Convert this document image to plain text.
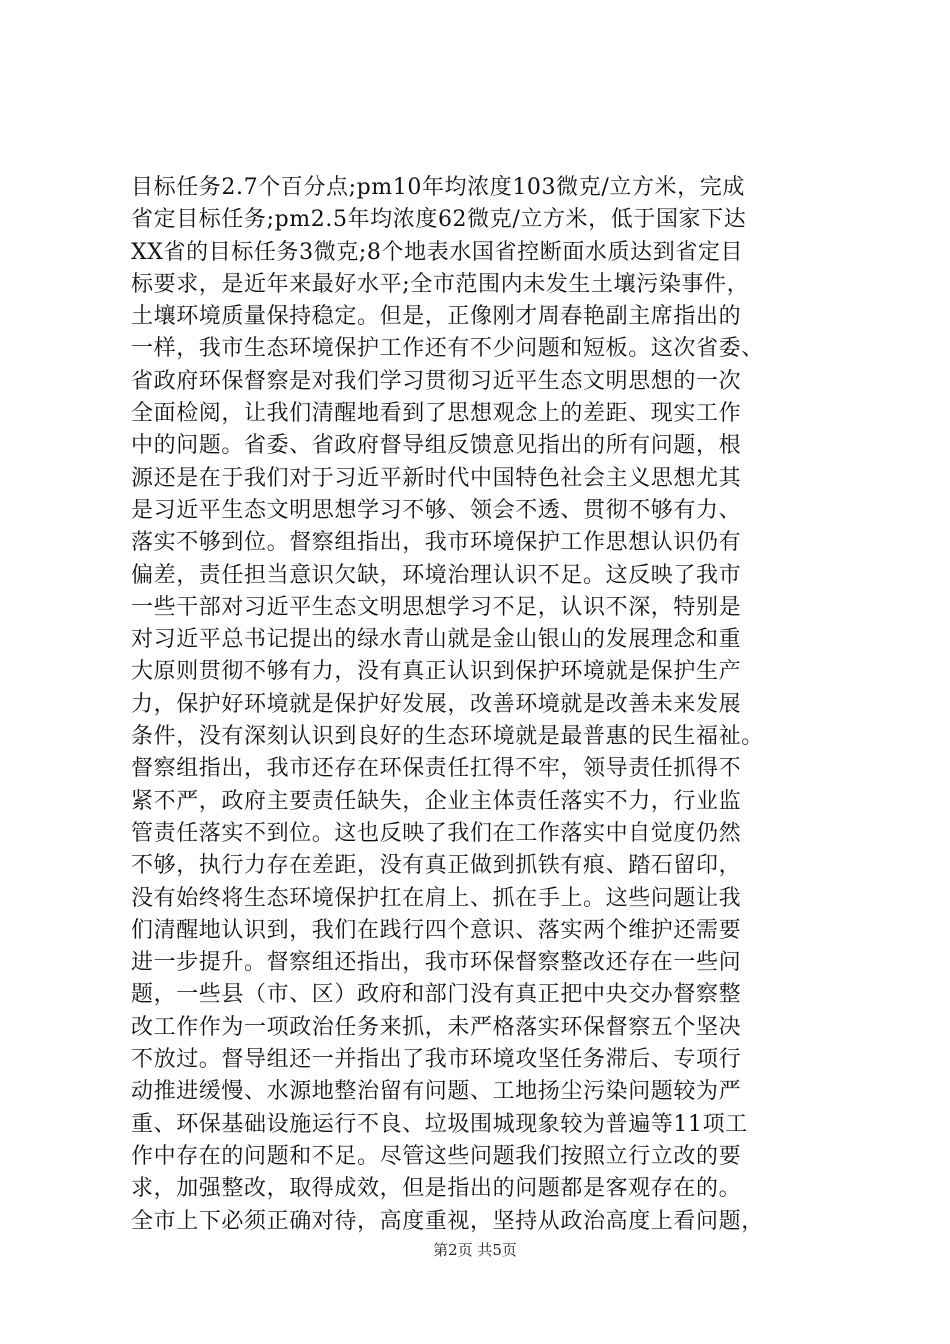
目标任务2.7个百分点;pm10年均浓度103微克/立方米，完成
省定目标任务;pm2.5年均浓度62微克/立方米，低于国家下达
XX省的目标任务3微克;8个地表水国省控断面水质达到省定目
标要求，是近年来最好水平;全市范围内未发生土壤污染事件，
土壤环境质量保持稳定。但是，正像刚才周春艳副主席指出的
一样，我市生态环境保护工作还有不少问题和短板。这次省委、
省政府环保督察是对我们学习贯彻习近平生态文明思想的一次
全面检阅，让我们清醒地看到了思想观念上的差距、现实工作
中的问题。省委、省政府督导组反馈意见指出的所有问题，根
源还是在于我们对于习近平新时代中国特色社会主义思想尤其
是习近平生态文明思想学习不够、领会不透、贯彻不够有力、
落实不够到位。督察组指出，我市环境保护工作思想认识仍有
偏差，责任担当意识欠缺，环境治理认识不足。这反映了我市
一些干部对习近平生态文明思想学习不足，认识不深，特别是
对习近平总书记提出的绿水青山就是金山银山的发展理念和重
大原则贯彻不够有力，没有真正认识到保护环境就是保护生产
力，保护好环境就是保护好发展，改善环境就是改善未来发展
条件，没有深刻认识到良好的生态环境就是最普惠的民生福祉。
督察组指出，我市还存在环保责任扛得不牢，领导责任抓得不
紧不严，政府主要责任缺失，企业主体责任落实不力，行业监
管责任落实不到位。这也反映了我们在工作落实中自觉度仍然
不够，执行力存在差距，没有真正做到抓铁有痕、踏石留印，
没有始终将生态环境保护扛在肩上、抓在手上。这些问题让我
们清醒地认识到，我们在践行四个意识、落实两个维护还需要
进一步提升。督察组还指出，我市环保督察整改还存在一些问
题，一些县（市、区）政府和部门没有真正把中央交办督察整
改工作作为一项政治任务来抓，未严格落实环保督察五个坚决
不放过。督导组还一并指出了我市环境攻坚任务滞后、专项行
动推进缓慢、水源地整治留有问题、工地扬尘污染问题较为严
重、环保基础设施运行不良、垃圾围城现象较为普遍等11项工
作中存在的问题和不足。尽管这些问题我们按照立行立改的要
求，加强整改，取得成效，但是指出的问题都是客观存在的。
全市上下必须正确对待，高度重视，坚持从政治高度上看问题，
第2页 共5页
